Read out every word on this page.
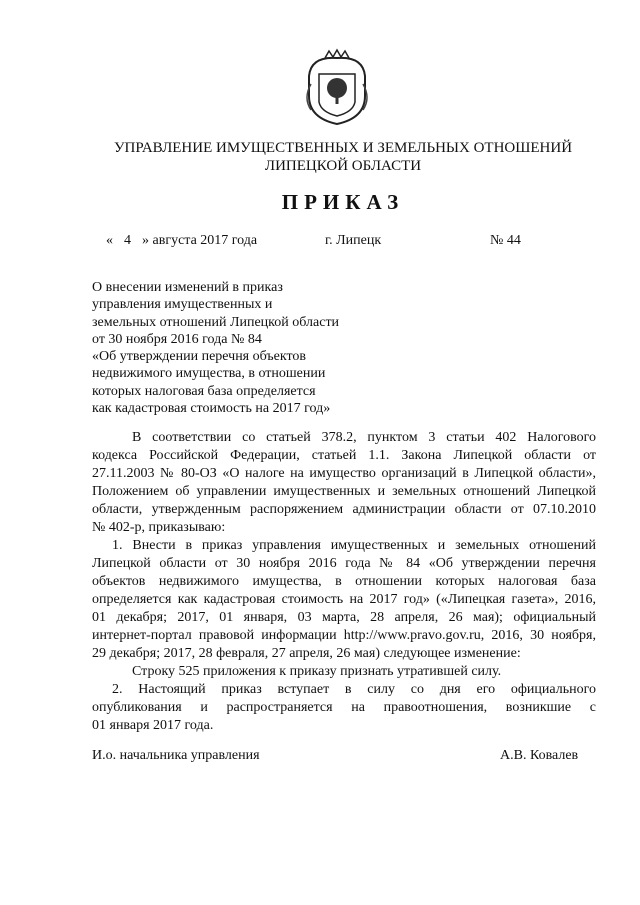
УПРАВЛЕНИЕ ИМУЩЕСТВЕННЫХ И ЗЕМЕЛЬНЫХ ОТНОШЕНИЙ
ЛИПЕЦКОЙ ОБЛАСТИ
ПРИКАЗ
« 4 » августа 2017 года	г. Липецк	№ 44
О внесении изменений в приказ
управления имущественных и
земельных отношений Липецкой области
от 30 ноября 2016 года № 84
«Об утверждении перечня объектов
недвижимого имущества, в отношении
которых налоговая база определяется
как кадастровая стоимость на 2017 год»
В соответствии со статьей 378.2, пунктом 3 статьи 402 Налогового
кодекса Российской Федерации, статьей 1.1. Закона Липецкой области от
27.11.2003 № 80-ОЗ «О налоге на имущество организаций в Липецкой области»,
Положением об управлении имущественных и земельных отношений Липецкой
области, утвержденным распоряжением администрации области от 07.10.2010
№ 402-р, приказываю:
1. Внести в приказ управления имущественных и земельных отношений
Липецкой области от 30 ноября 2016 года № 84 «Об утверждении перечня
объектов недвижимого имущества, в отношении которых налоговая база
определяется как кадастровая стоимость на 2017 год» («Липецкая газета», 2016,
01 декабря; 2017, 01 января, 03 марта, 28 апреля, 26 мая); официальный
интернет-портал правовой информации http://www.pravo.gov.ru, 2016, 30 ноября,
29 декабря; 2017, 28 февраля, 27 апреля, 26 мая) следующее изменение:
Строку 525 приложения к приказу признать утратившей силу.
2. Настоящий приказ вступает в силу со дня его официального
опубликования и распространяется на правоотношения, возникшие с
01 января 2017 года.
И.о. начальника управления	А.В. Ковалев
